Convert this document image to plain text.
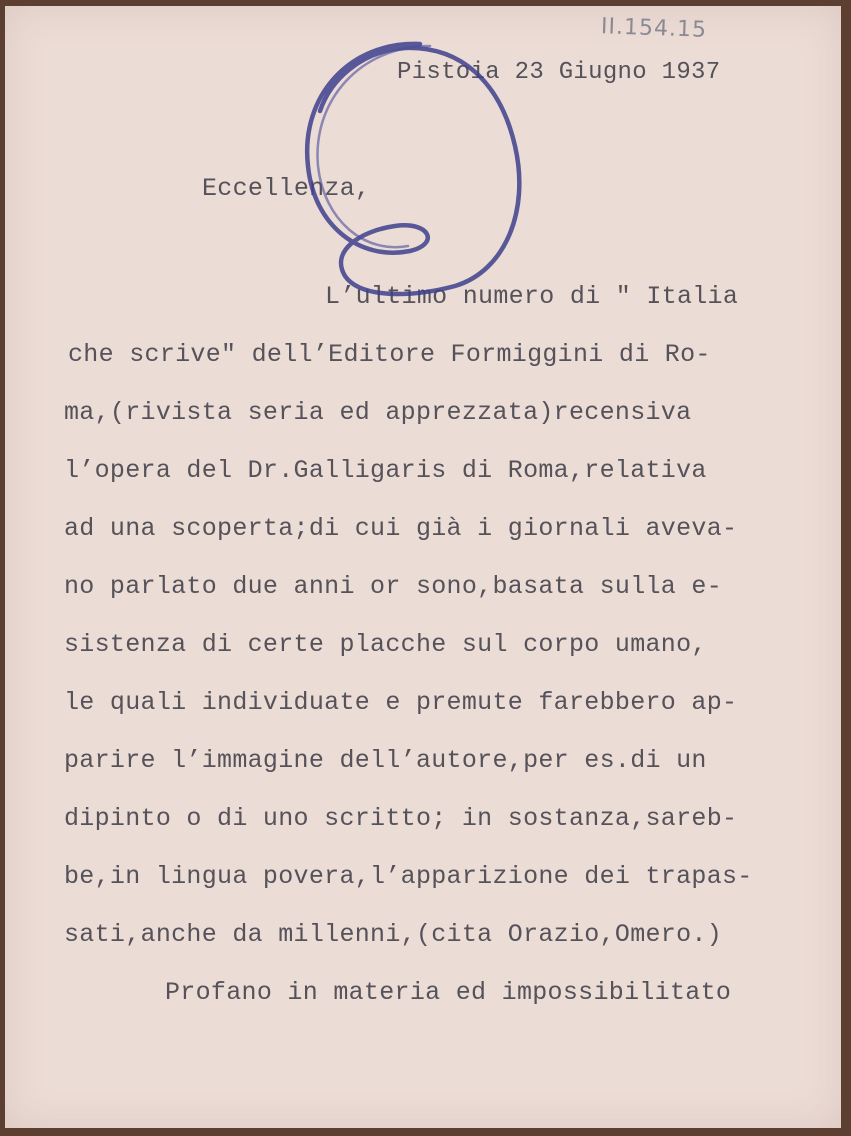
II.154.15
Pistoia 23 Giugno 1937
Eccellenza,
L’ultimo numero di " Italia
che scrive" dell’Editore Formiggini di Ro-
ma,(rivista seria ed apprezzata)recensiva
l’opera del Dr.Galligaris di Roma,relativa
ad una scoperta;di cui già i giornali aveva-
no parlato due anni or sono,basata sulla e-
sistenza di certe placche sul corpo umano,
le quali individuate e premute farebbero ap-
parire l’immagine dell’autore,per es.di un
dipinto o di uno scritto; in sostanza,sareb-
be,in lingua povera,l’apparizione dei trapas-
sati,anche da millenni,(cita Orazio,Omero.)
Profano in materia ed impossibilitato
